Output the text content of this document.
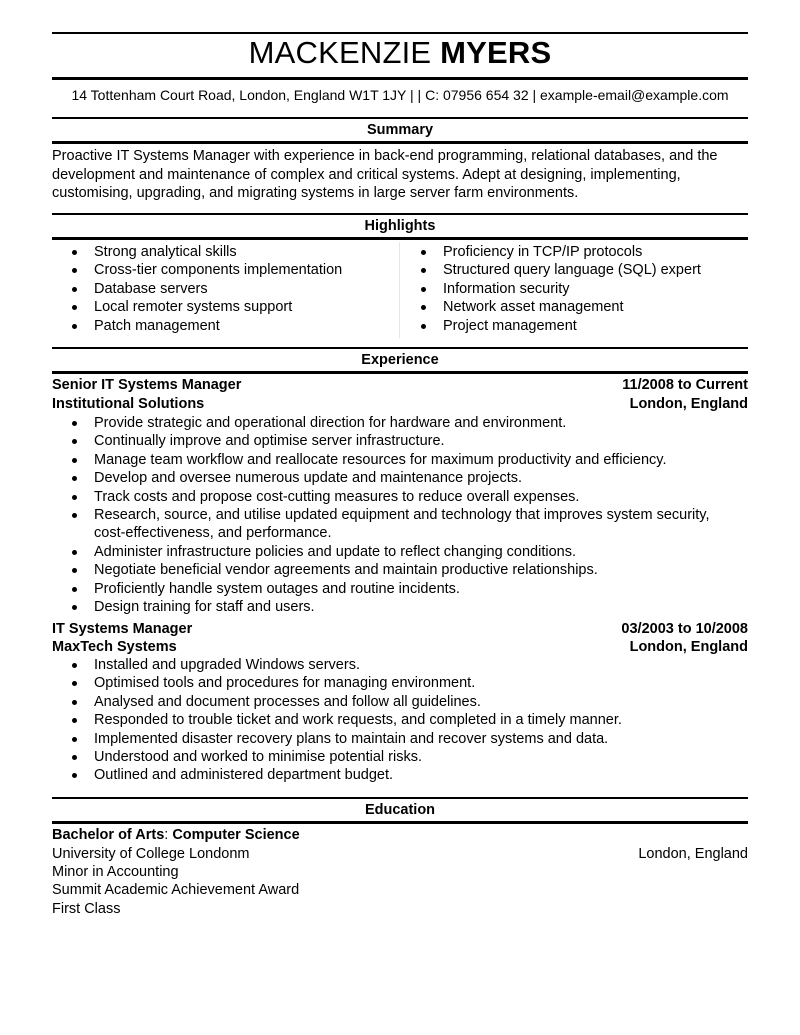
MACKENZIE MYERS
14 Tottenham Court Road, London, England W1T 1JY | | C: 07956 654 32 | example-email@example.com
Summary
Proactive IT Systems Manager with experience in back-end programming, relational databases, and the development and maintenance of complex and critical systems. Adept at designing, implementing, customising, upgrading, and migrating systems in large server farm environments.
Highlights
Strong analytical skills
Cross-tier components implementation
Database servers
Local remoter systems support
Patch management
Proficiency in TCP/IP protocols
Structured query language (SQL) expert
Information security
Network asset management
Project management
Experience
Senior IT Systems Manager	11/2008 to Current
Institutional Solutions	London, England
Provide strategic and operational direction for hardware and environment.
Continually improve and optimise server infrastructure.
Manage team workflow and reallocate resources for maximum productivity and efficiency.
Develop and oversee numerous update and maintenance projects.
Track costs and propose cost-cutting measures to reduce overall expenses.
Research, source, and utilise updated equipment and technology that improves system security, cost-effectiveness, and performance.
Administer infrastructure policies and update to reflect changing conditions.
Negotiate beneficial vendor agreements and maintain productive relationships.
Proficiently handle system outages and routine incidents.
Design training for staff and users.
IT Systems Manager	03/2003 to 10/2008
MaxTech Systems	London, England
Installed and upgraded Windows servers.
Optimised tools and procedures for managing environment.
Analysed and document processes and follow all guidelines.
Responded to trouble ticket and work requests, and completed in a timely manner.
Implemented disaster recovery plans to maintain and recover systems and data.
Understood and worked to minimise potential risks.
Outlined and administered department budget.
Education
Bachelor of Arts: Computer Science
University of College Londonm	London, England
Minor in Accounting
Summit Academic Achievement Award
First Class
